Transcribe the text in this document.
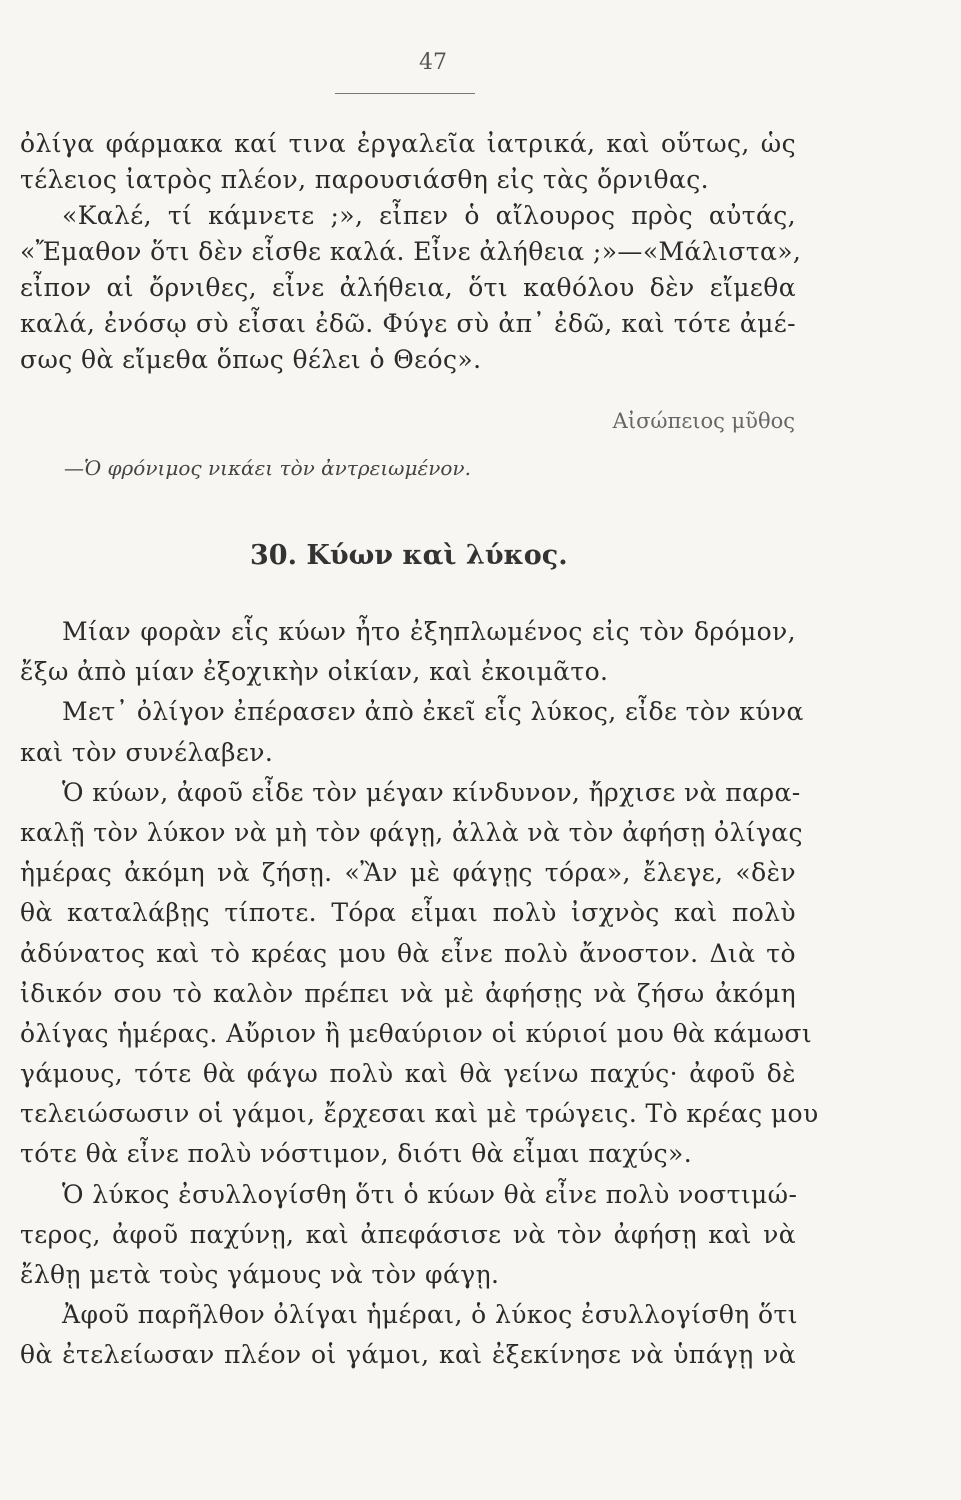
47
ὀλίγα φάρμακα καί τινα ἐργαλεῖα ἰατρικά, καὶ οὕτως, ὡς
τέλειος ἰατρὸς πλέον, παρουσιάσθη εἰς τὰς ὄρνιθας.
«Καλέ, τί κάμνετε ;», εἶπεν ὁ αἴλουρος πρὸς αὐτάς,
«Ἔμαθον ὅτι δὲν εἶσθε καλά. Εἶνε ἀλήθεια ;»—«Μάλιστα»,
εἶπον αἱ ὄρνιθες, εἶνε ἀλήθεια, ὅτι καθόλου δὲν εἴμεθα
καλά, ἐνόσῳ σὺ εἶσαι ἐδῶ. Φύγε σὺ ἀπ᾽ ἐδῶ, καὶ τότε ἀμέ-
σως θὰ εἴμεθα ὅπως θέλει ὁ Θεός».
Αἰσώπειος μῦθος
—Ὁ φρόνιμος νικάει τὸν ἀντρειωμένον.
30. Κύων καὶ λύκος.
Μίαν φορὰν εἷς κύων ἦτο ἐξηπλωμένος εἰς τὸν δρόμον,
ἔξω ἀπὸ μίαν ἐξοχικὴν οἰκίαν, καὶ ἐκοιμᾶτο.
Μετ᾽ ὀλίγον ἐπέρασεν ἀπὸ ἐκεῖ εἷς λύκος, εἶδε τὸν κύνα
καὶ τὸν συνέλαβεν.
Ὁ κύων, ἀφοῦ εἶδε τὸν μέγαν κίνδυνον, ἤρχισε νὰ παρα-
καλῇ τὸν λύκον νὰ μὴ τὸν φάγῃ, ἀλλὰ νὰ τὸν ἀφήσῃ ὀλίγας
ἡμέρας ἀκόμη νὰ ζήσῃ. «Ἂν μὲ φάγῃς τόρα», ἔλεγε, «δὲν
θὰ καταλάβῃς τίποτε. Τόρα εἶμαι πολὺ ἰσχνὸς καὶ πολὺ
ἀδύνατος καὶ τὸ κρέας μου θὰ εἶνε πολὺ ἄνοστον. Διὰ τὸ
ἰδικόν σου τὸ καλὸν πρέπει νὰ μὲ ἀφήσῃς νὰ ζήσω ἀκόμη
ὀλίγας ἡμέρας. Αὔριον ἢ μεθαύριον οἱ κύριοί μου θὰ κάμωσι
γάμους, τότε θὰ φάγω πολὺ καὶ θὰ γείνω παχύς· ἀφοῦ δὲ
τελειώσωσιν οἱ γάμοι, ἔρχεσαι καὶ μὲ τρώγεις. Τὸ κρέας μου
τότε θὰ εἶνε πολὺ νόστιμον, διότι θὰ εἶμαι παχύς».
Ὁ λύκος ἐσυλλογίσθη ὅτι ὁ κύων θὰ εἶνε πολὺ νοστιμώ-
τερος, ἀφοῦ παχύνῃ, καὶ ἀπεφάσισε νὰ τὸν ἀφήσῃ καὶ νὰ
ἔλθῃ μετὰ τοὺς γάμους νὰ τὸν φάγῃ.
Ἀφοῦ παρῆλθον ὀλίγαι ἡμέραι, ὁ λύκος ἐσυλλογίσθη ὅτι
θὰ ἐτελείωσαν πλέον οἱ γάμοι, καὶ ἐξεκίνησε νὰ ὑπάγῃ νὰ
